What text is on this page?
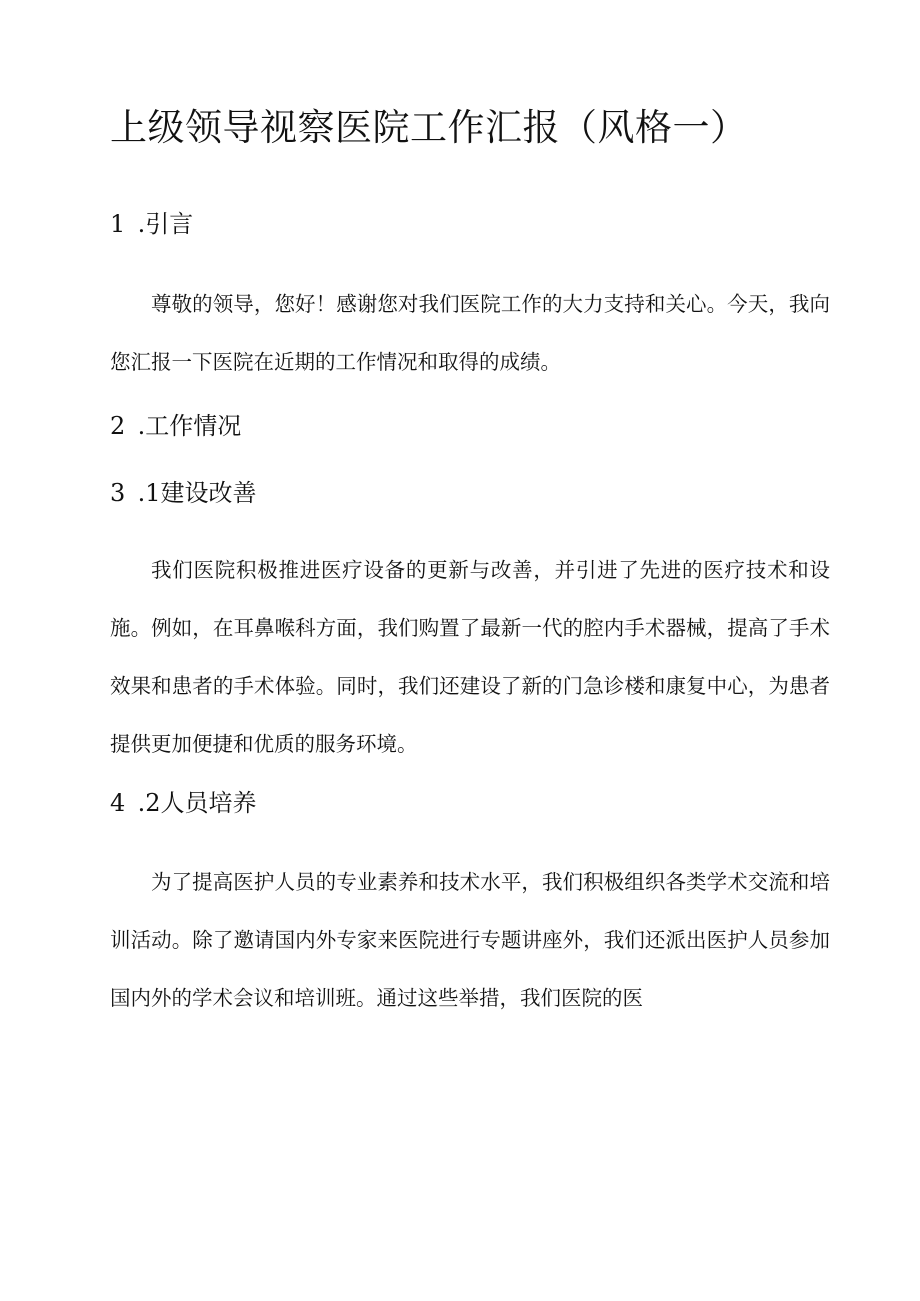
上级领导视察医院工作汇报（风格一）
1 .引言

尊敬的领导，您好！感谢您对我们医院工作的大力支持和关心。今天，我向您汇报一下医院在近期的工作情况和取得的成绩。

2 .工作情况
3 .1建设改善

我们医院积极推进医疗设备的更新与改善，并引进了先进的医疗技术和设施。例如，在耳鼻喉科方面，我们购置了最新一代的腔内手术器械，提高了手术效果和患者的手术体验。同时，我们还建设了新的门急诊楼和康复中心，为患者提供更加便捷和优质的服务环境。

4 .2人员培养

为了提高医护人员的专业素养和技术水平，我们积极组织各类学术交流和培训活动。除了邀请国内外专家来医院进行专题讲座外，我们还派出医护人员参加国内外的学术会议和培训班。通过这些举措，我们医院的医
